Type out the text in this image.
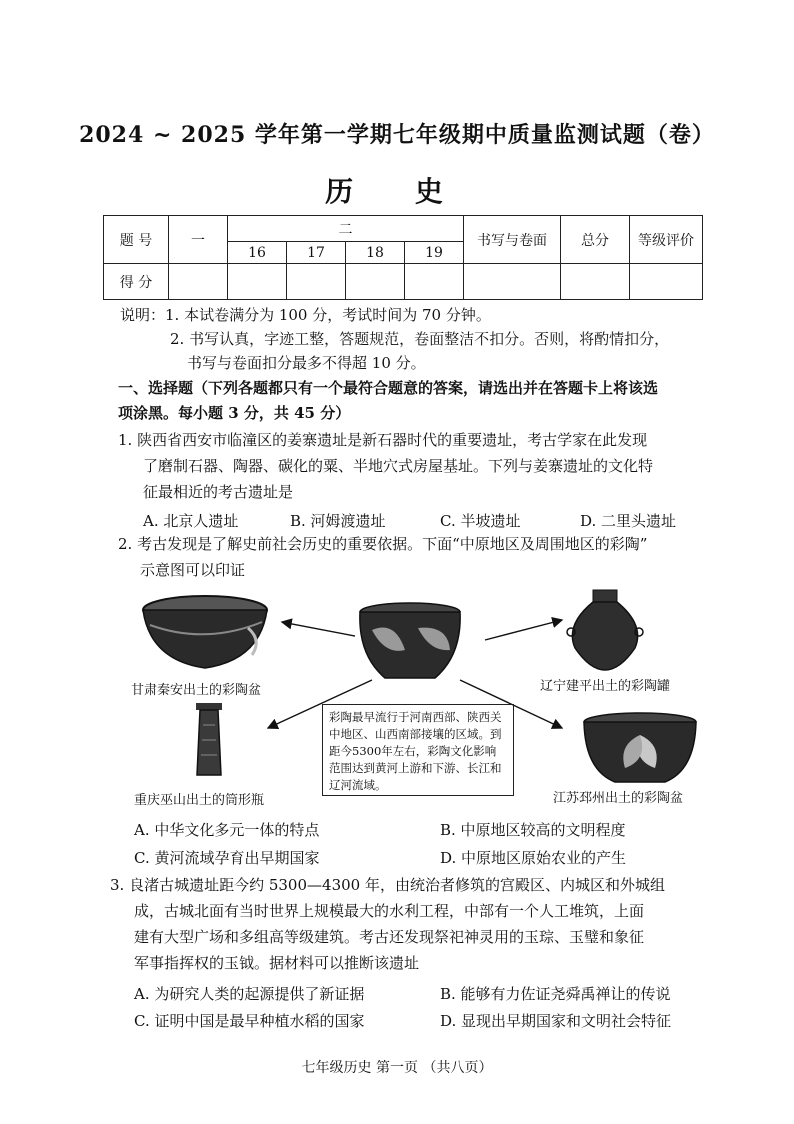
2024 ~ 2025 学年第一学期七年级期中质量监测试题（卷）
历 史
题 号	一	二				书写与卷面	总分	等级评价
		16	17	18	19			
得 分								
说明：1. 本试卷满分为 100 分，考试时间为 70 分钟。
2. 书写认真，字迹工整，答题规范，卷面整洁不扣分。否则，将酌情扣分，
书写与卷面扣分最多不得超 10 分。
一、选择题（下列各题都只有一个最符合题意的答案，请选出并在答题卡上将该选
项涂黑。每小题 3 分，共 45 分）
1. 陕西省西安市临潼区的姜寨遗址是新石器时代的重要遗址，考古学家在此发现
了磨制石器、陶器、碳化的粟、半地穴式房屋基址。下列与姜寨遗址的文化特
征最相近的考古遗址是
A. 北京人遗址	B. 河姆渡遗址	C. 半坡遗址	D. 二里头遗址
2. 考古发现是了解史前社会历史的重要依据。下面“中原地区及周围地区的彩陶”
示意图可以印证
甘肃秦安出土的彩陶盆	辽宁建平出土的彩陶罐
重庆巫山出土的筒形瓶	江苏邳州出土的彩陶盆
彩陶最早流行于河南西部、陕西关中地区、山西南部接壤的区域。到距今5300年左右，彩陶文化影响范围达到黄河上游和下游、长江和辽河流域。
A. 中华文化多元一体的特点	B. 中原地区较高的文明程度
C. 黄河流域孕育出早期国家	D. 中原地区原始农业的产生
3. 良渚古城遗址距今约 5300—4300 年，由统治者修筑的宫殿区、内城区和外城组
成，古城北面有当时世界上规模最大的水利工程，中部有一个人工堆筑，上面
建有大型广场和多组高等级建筑。考古还发现祭祀神灵用的玉琮、玉璧和象征
军事指挥权的玉钺。据材料可以推断该遗址
A. 为研究人类的起源提供了新证据	B. 能够有力佐证尧舜禹禅让的传说
C. 证明中国是最早种植水稻的国家	D. 显现出早期国家和文明社会特征
七年级历史 第一页 （共八页）
